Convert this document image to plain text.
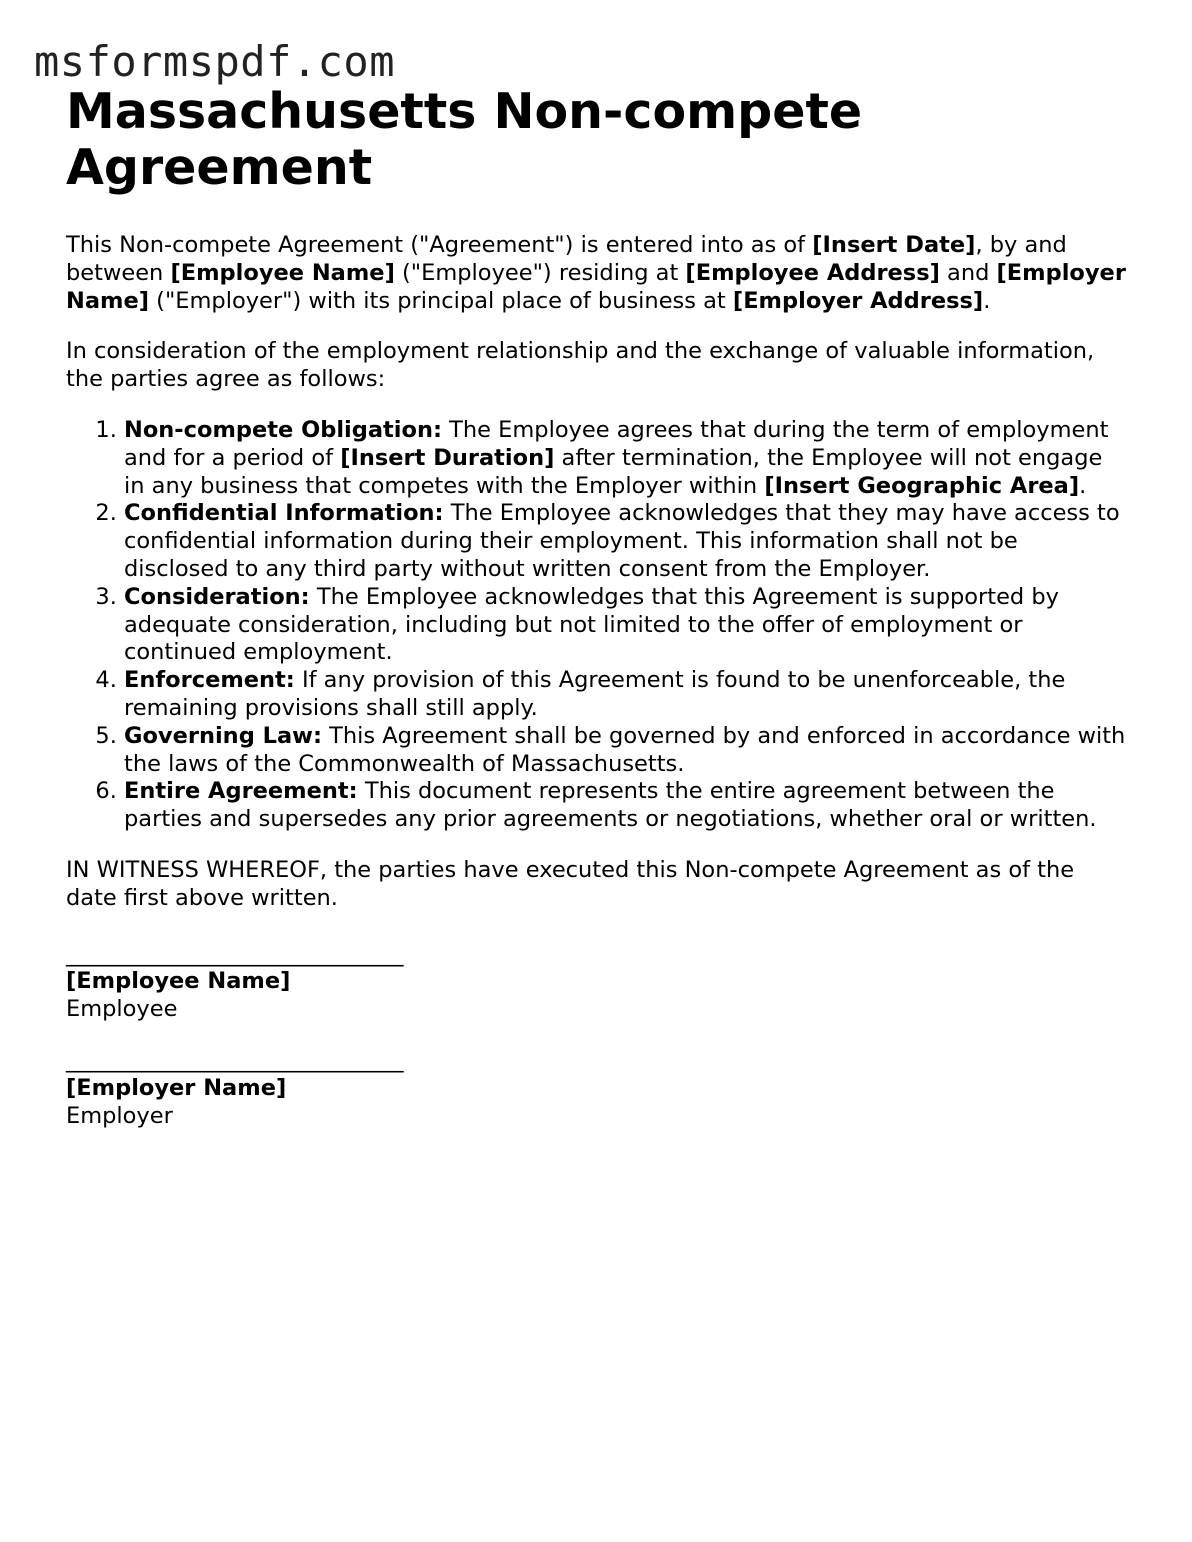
msformspdf.com
Massachusetts Non-compete Agreement

This Non-compete Agreement ("Agreement") is entered into as of [Insert Date], by and between [Employee Name] ("Employee") residing at [Employee Address] and [Employer Name] ("Employer") with its principal place of business at [Employer Address].

In consideration of the employment relationship and the exchange of valuable information, the parties agree as follows:

1. Non-compete Obligation: The Employee agrees that during the term of employment and for a period of [Insert Duration] after termination, the Employee will not engage in any business that competes with the Employer within [Insert Geographic Area].
2. Confidential Information: The Employee acknowledges that they may have access to confidential information during their employment. This information shall not be disclosed to any third party without written consent from the Employer.
3. Consideration: The Employee acknowledges that this Agreement is supported by adequate consideration, including but not limited to the offer of employment or continued employment.
4. Enforcement: If any provision of this Agreement is found to be unenforceable, the remaining provisions shall still apply.
5. Governing Law: This Agreement shall be governed by and enforced in accordance with the laws of the Commonwealth of Massachusetts.
6. Entire Agreement: This document represents the entire agreement between the parties and supersedes any prior agreements or negotiations, whether oral or written.

IN WITNESS WHEREOF, the parties have executed this Non-compete Agreement as of the date first above written.

______________________________

[Employee Name]

Employee

______________________________

[Employer Name]

Employer
